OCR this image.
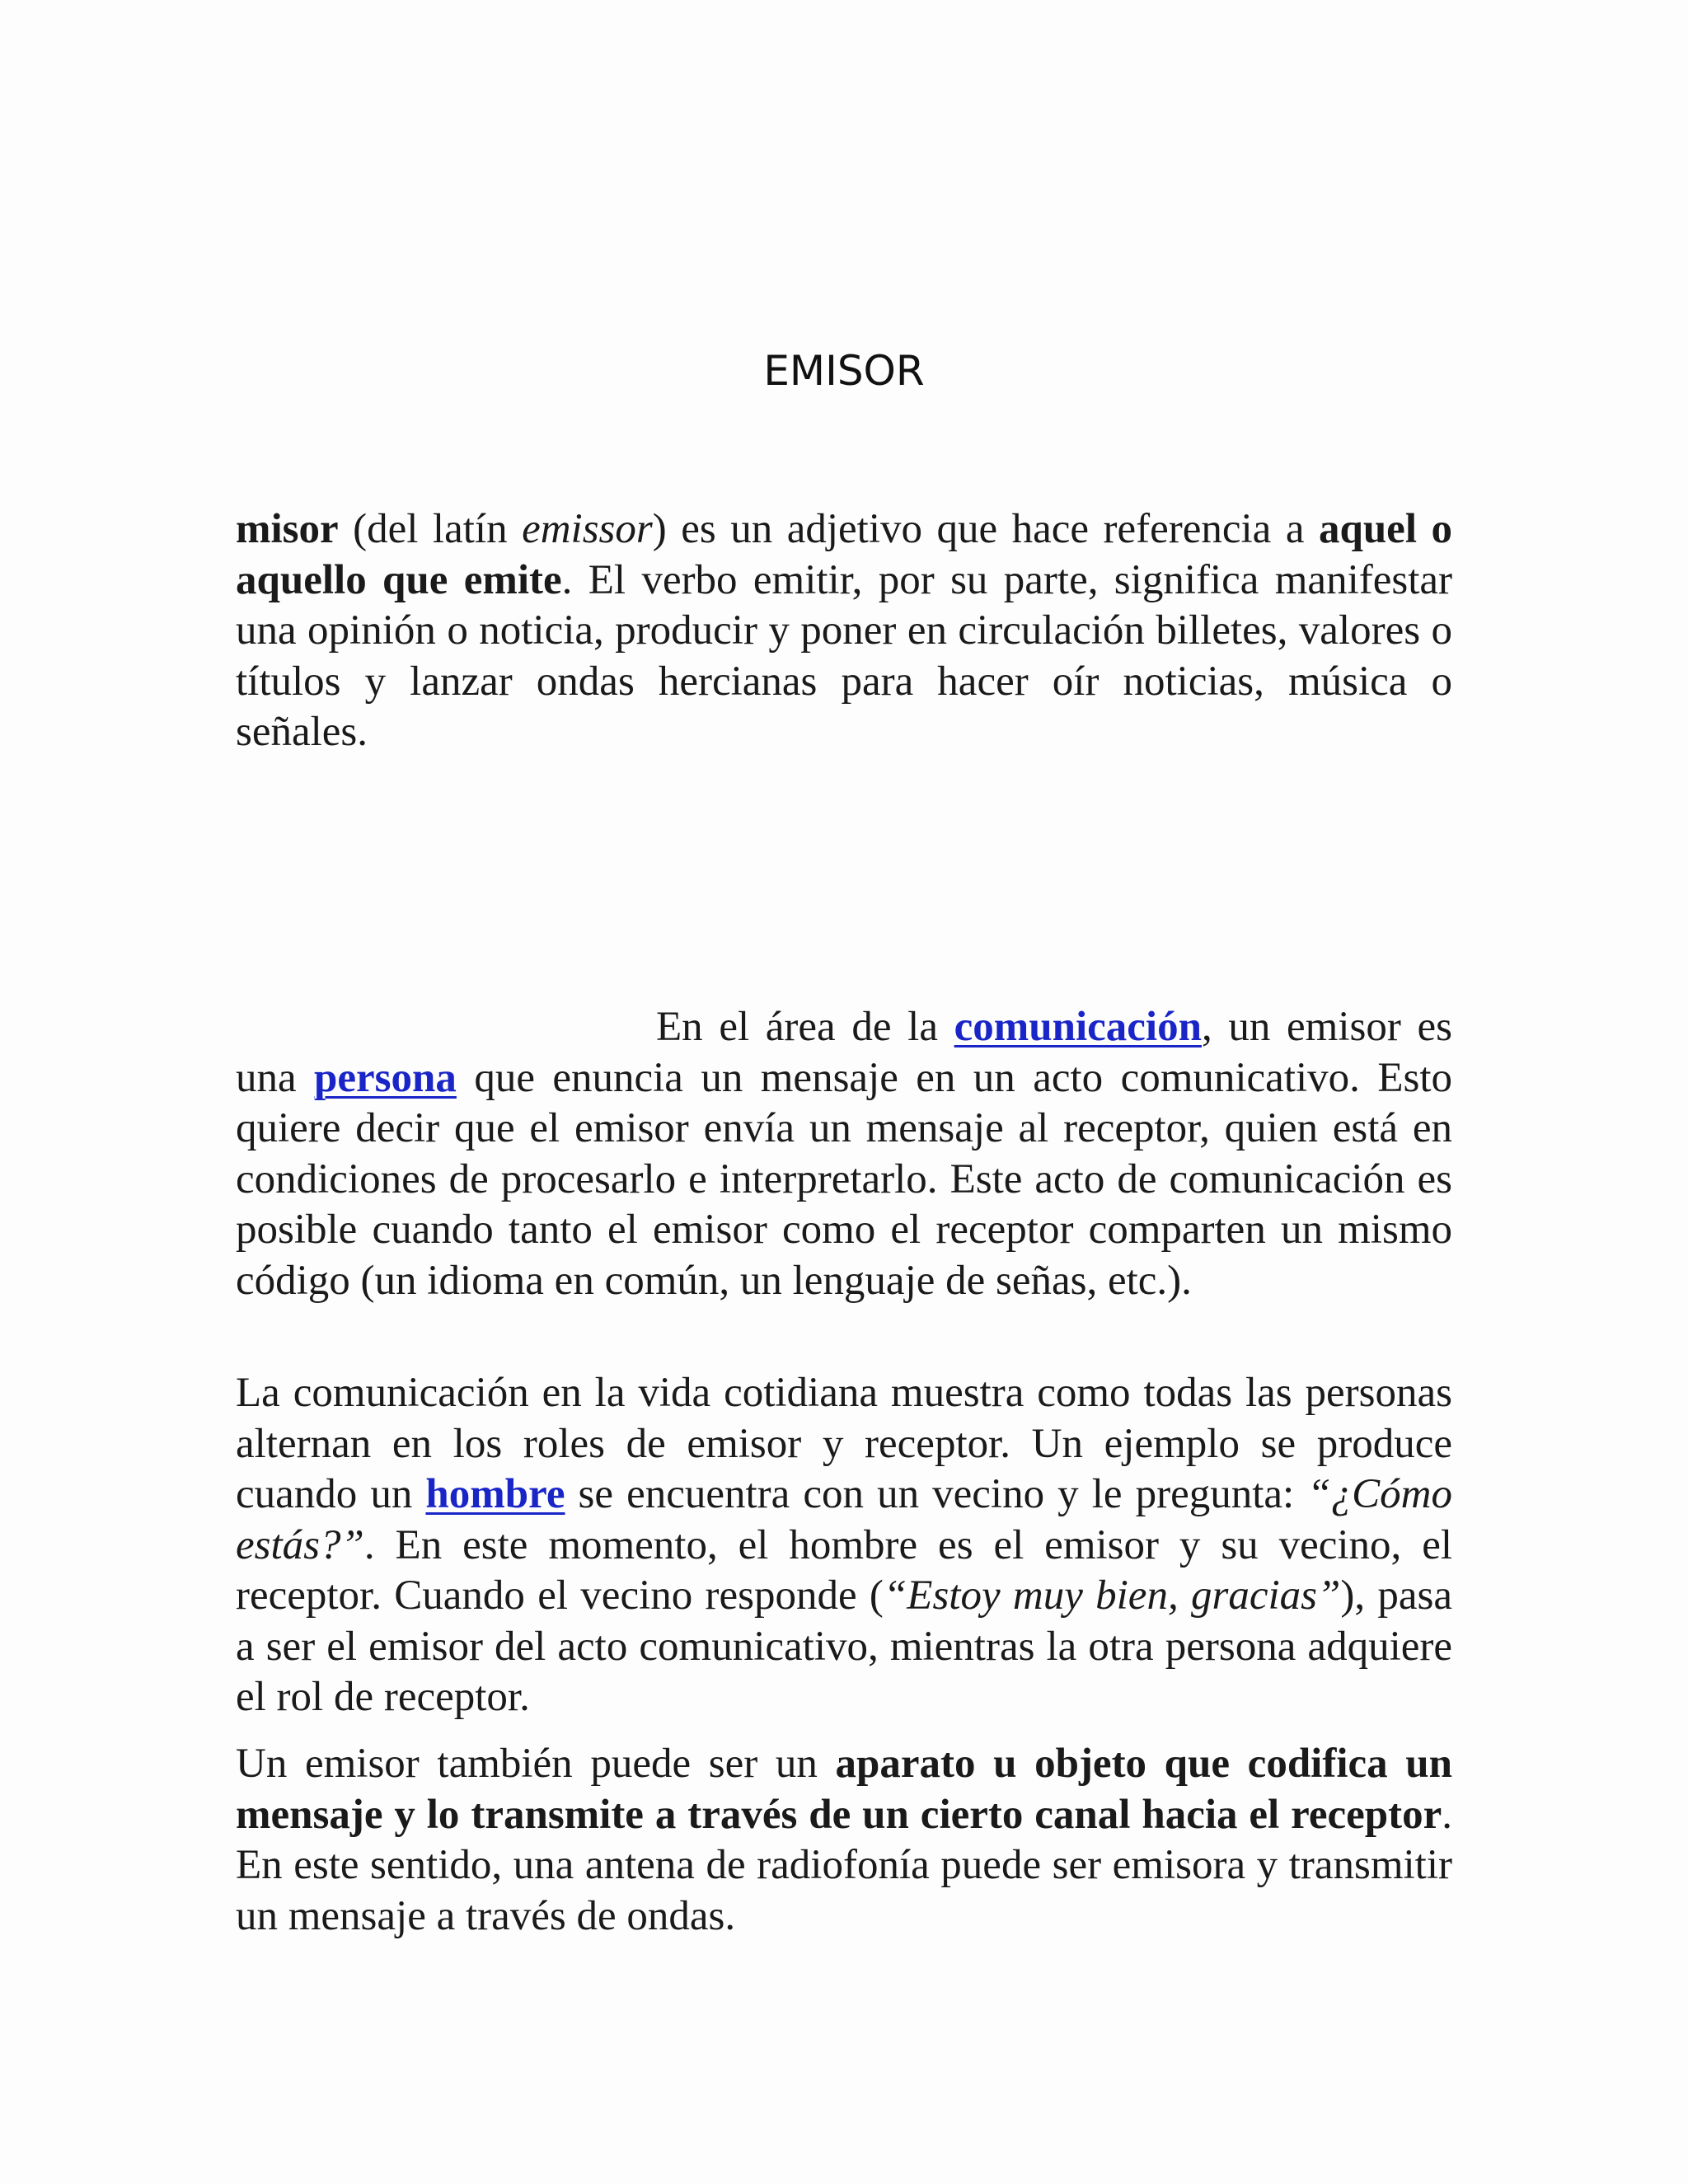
EMISOR

misor (del latín emissor) es un adjetivo que hace referencia a aquel o aquello que emite. El verbo emitir, por su parte, significa manifestar una opinión o noticia, producir y poner en circulación billetes, valores o títulos y lanzar ondas hercianas para hacer oír noticias, música o señales.

En el área de la comunicación, un emisor es una persona que enuncia un mensaje en un acto comunicativo. Esto quiere decir que el emisor envía un mensaje al receptor, quien está en condiciones de procesarlo e interpretarlo. Este acto de comunicación es posible cuando tanto el emisor como el receptor comparten un mismo código (un idioma en común, un lenguaje de señas, etc.).

La comunicación en la vida cotidiana muestra como todas las personas alternan en los roles de emisor y receptor. Un ejemplo se produce cuando un hombre se encuentra con un vecino y le pregunta: “¿Cómo estás?”. En este momento, el hombre es el emisor y su vecino, el receptor. Cuando el vecino responde (“Estoy muy bien, gracias”), pasa a ser el emisor del acto comunicativo, mientras la otra persona adquiere el rol de receptor.

Un emisor también puede ser un aparato u objeto que codifica un mensaje y lo transmite a través de un cierto canal hacia el receptor. En este sentido, una antena de radiofonía puede ser emisora y transmitir un mensaje a través de ondas.
